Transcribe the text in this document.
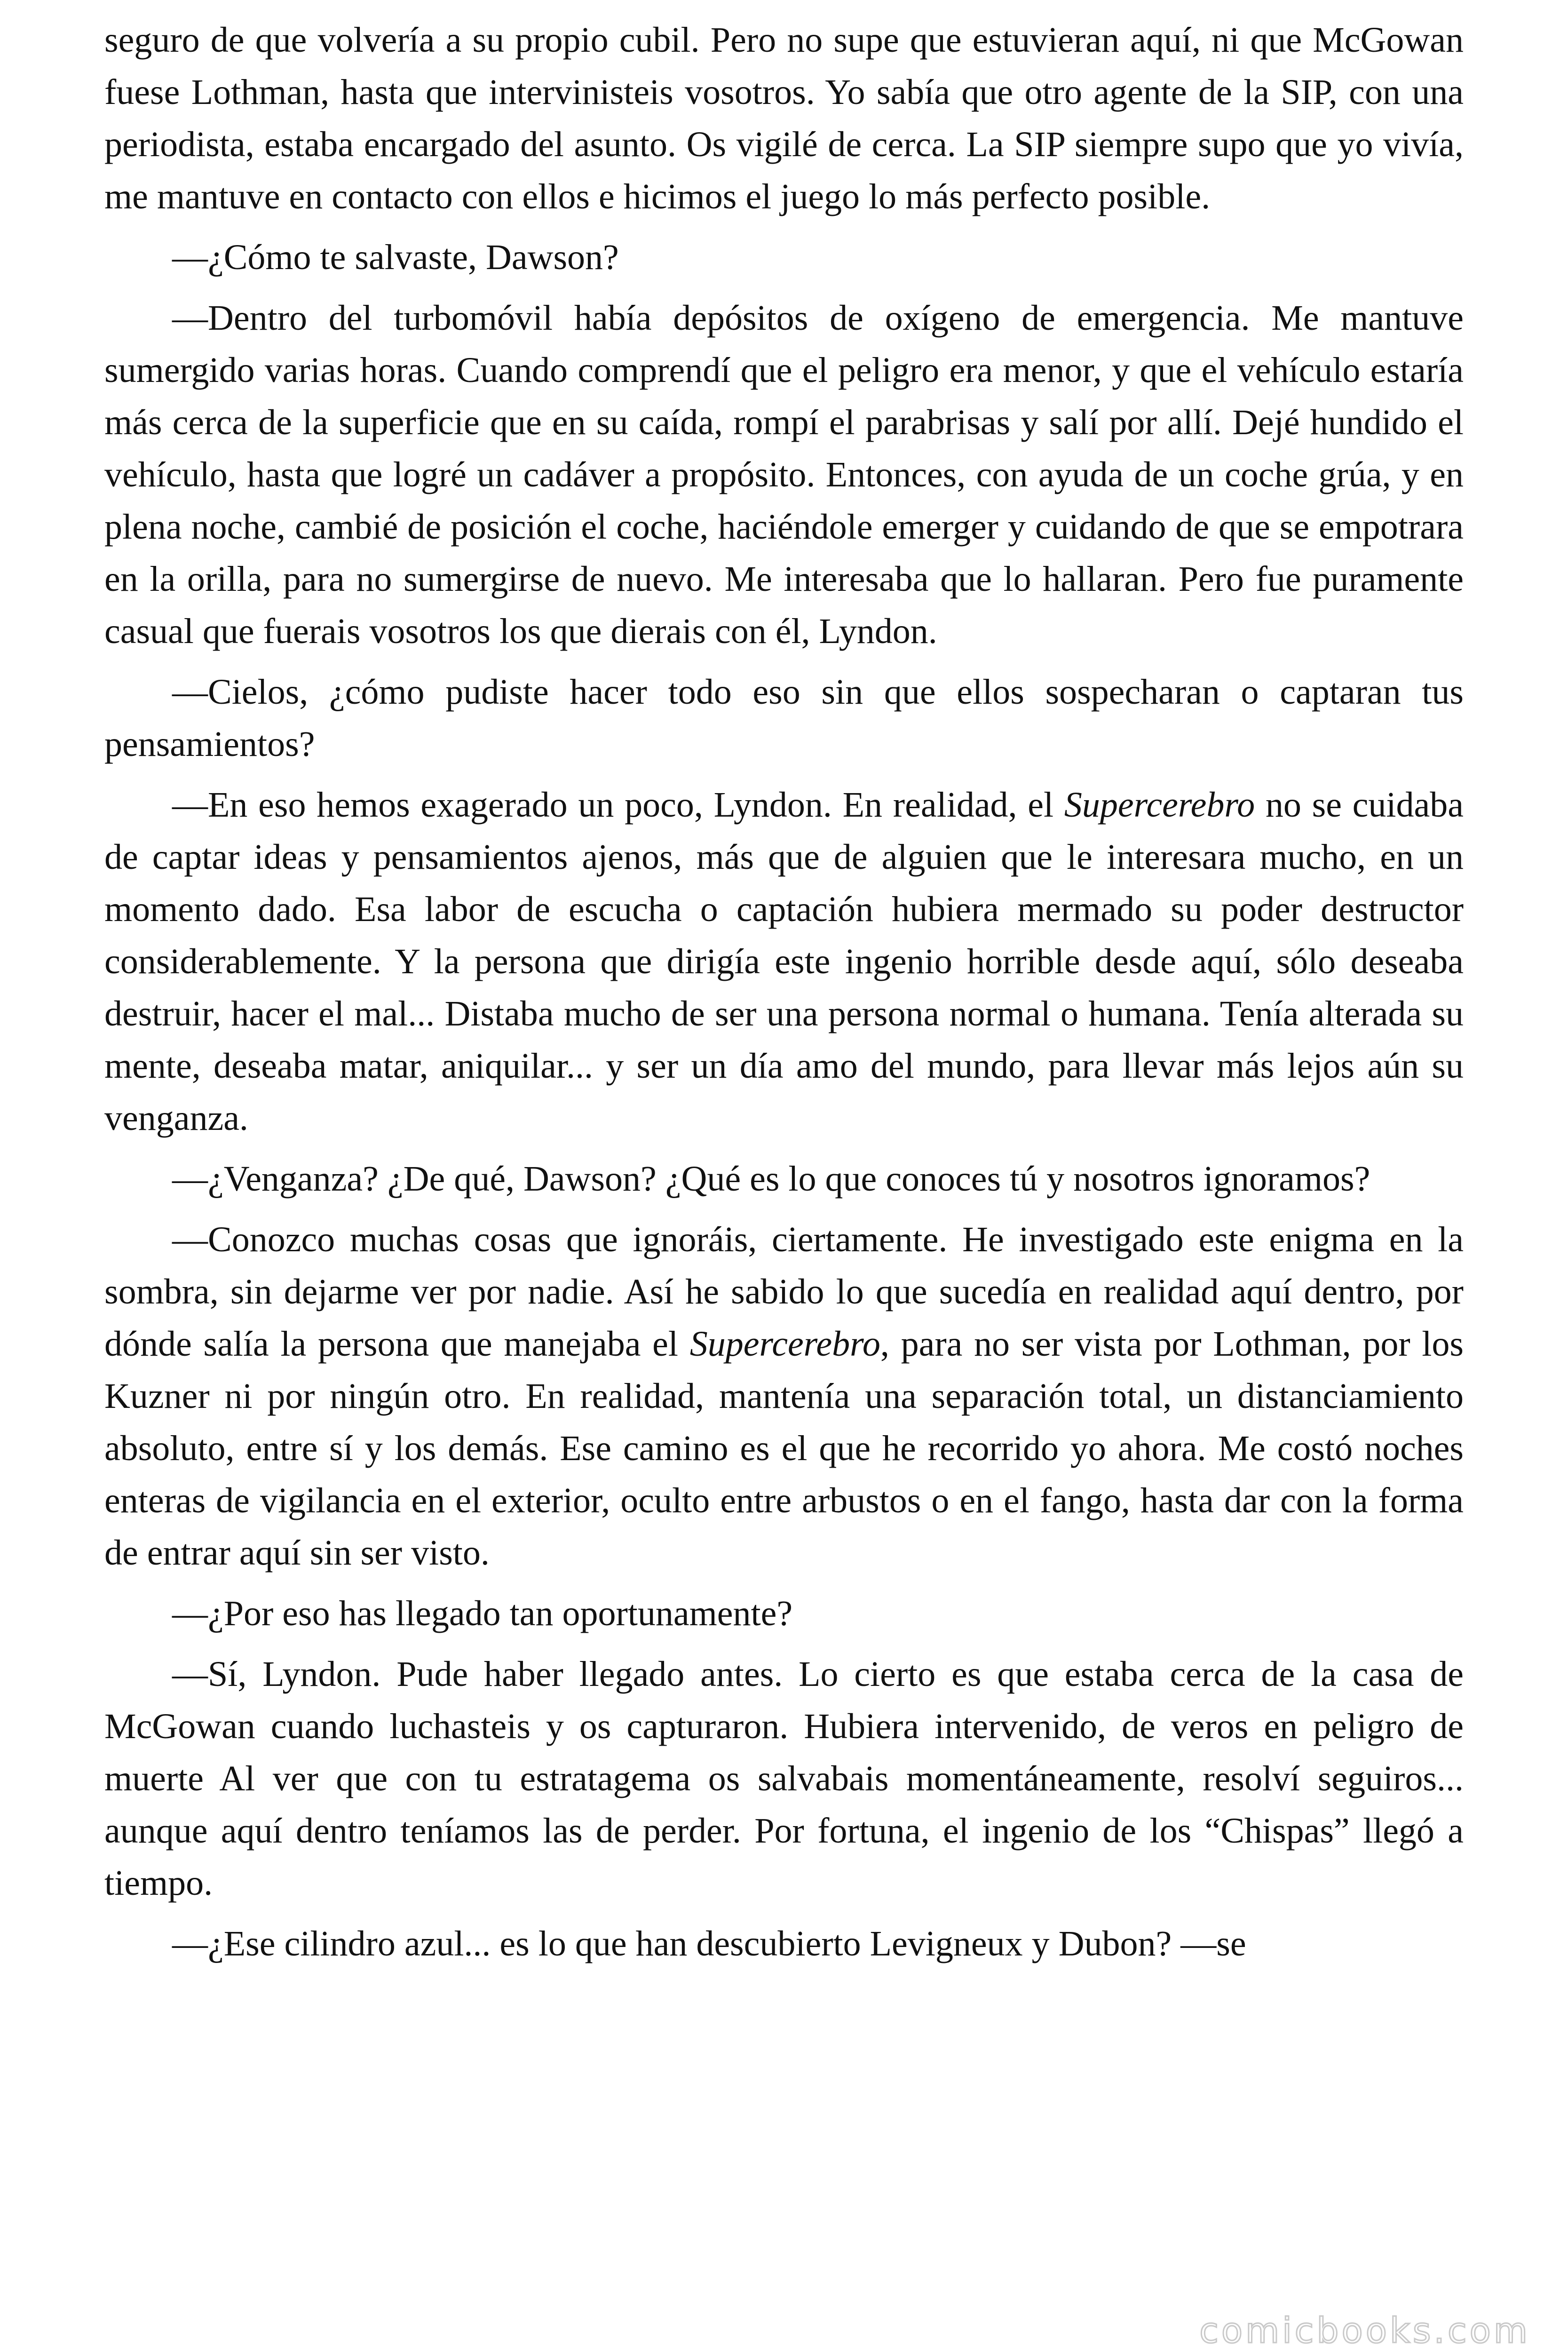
seguro de que volvería a su propio cubil. Pero no supe que estuvieran aquí, ni que McGowan fuese Lothman, hasta que intervinisteis vosotros. Yo sabía que otro agente de la SIP, con una periodista, estaba encargado del asunto. Os vigilé de cerca. La SIP siempre supo que yo vivía, me mantuve en contacto con ellos e hicimos el juego lo más perfecto posible.

—¿Cómo te salvaste, Dawson?

—Dentro del turbomóvil había depósitos de oxígeno de emergencia. Me mantuve sumergido varias horas. Cuando comprendí que el peligro era menor, y que el vehículo estaría más cerca de la superficie que en su caída, rompí el parabrisas y salí por allí. Dejé hundido el vehículo, hasta que logré un cadáver a propósito. Entonces, con ayuda de un coche grúa, y en plena noche, cambié de posición el coche, haciéndole emerger y cuidando de que se empotrara en la orilla, para no sumergirse de nuevo. Me interesaba que lo hallaran. Pero fue puramente casual que fuerais vosotros los que dierais con él, Lyndon.

—Cielos, ¿cómo pudiste hacer todo eso sin que ellos sospecharan o captaran tus pensamientos?

—En eso hemos exagerado un poco, Lyndon. En realidad, el Supercerebro no se cuidaba de captar ideas y pensamientos ajenos, más que de alguien que le interesara mucho, en un momento dado. Esa labor de escucha o captación hubiera mermado su poder destructor considerablemente. Y la persona que dirigía este ingenio horrible desde aquí, sólo deseaba destruir, hacer el mal... Distaba mucho de ser una persona normal o humana. Tenía alterada su mente, deseaba matar, aniquilar... y ser un día amo del mundo, para llevar más lejos aún su venganza.

—¿Venganza? ¿De qué, Dawson? ¿Qué es lo que conoces tú y nosotros ignoramos?

—Conozco muchas cosas que ignoráis, ciertamente. He investigado este enigma en la sombra, sin dejarme ver por nadie. Así he sabido lo que sucedía en realidad aquí dentro, por dónde salía la persona que manejaba el Supercerebro, para no ser vista por Lothman, por los Kuzner ni por ningún otro. En realidad, mantenía una separación total, un distanciamiento absoluto, entre sí y los demás. Ese camino es el que he recorrido yo ahora. Me costó noches enteras de vigilancia en el exterior, oculto entre arbustos o en el fango, hasta dar con la forma de entrar aquí sin ser visto.

—¿Por eso has llegado tan oportunamente?

—Sí, Lyndon. Pude haber llegado antes. Lo cierto es que estaba cerca de la casa de McGowan cuando luchasteis y os capturaron. Hubiera intervenido, de veros en peligro de muerte Al ver que con tu estratagema os salvabais momentáneamente, resolví seguiros... aunque aquí dentro teníamos las de perder. Por fortuna, el ingenio de los “Chispas” llegó a tiempo.

—¿Ese cilindro azul... es lo que han descubierto Levigneux y Dubon? —se

comicbooks.com
